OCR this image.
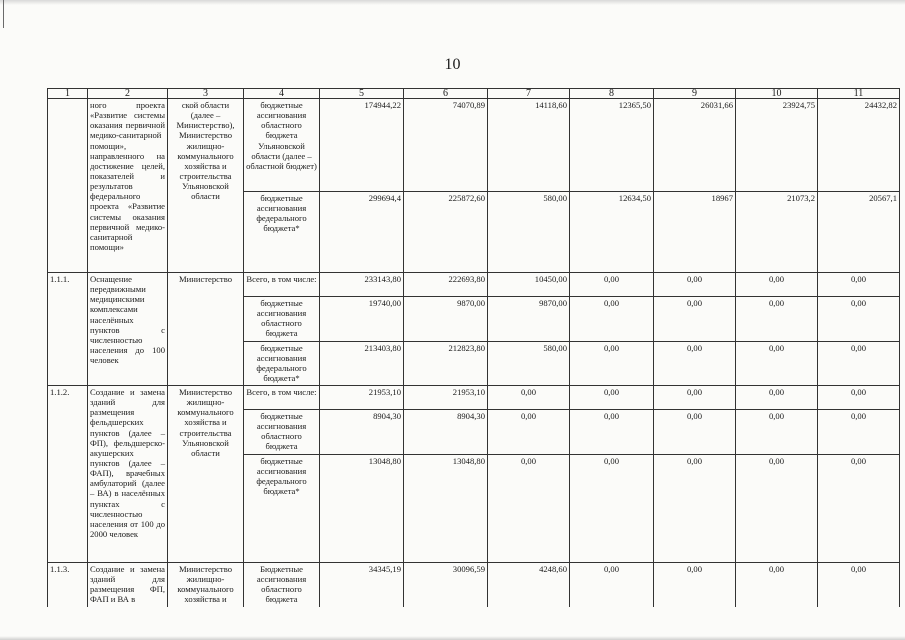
10
1	2	3	4	5	6	7	8	9	10	11
	ного проекта «Развитие системы оказания первичной медико-санитарной помощи», направленного на достижение целей, показателей и результатов федерального проекта «Развитие системы оказания первичной медико-санитарной помощи»	ской области (далее – Министерство), Министерство жилищно-коммунального хозяйства и строительства Ульяновской области	бюджетные ассигнования областного бюджета Ульяновской области (далее – областной бюджет)	174944,22	74070,89	14118,60	12365,50	26031,66	23924,75	24432,82
			бюджетные ассигнования федерального бюджета*	299694,4	225872,60	580,00	12634,50	18967	21073,2	20567,1
1.1.1.	Оснащение передвижными медицинскими комплексами населённых пунктов с численностью населения до 100 человек	Министерство	Всего, в том числе:	233143,80	222693,80	10450,00	0,00	0,00	0,00	0,00
			бюджетные ассигнования областного бюджета	19740,00	9870,00	9870,00	0,00	0,00	0,00	0,00
			бюджетные ассигнования федерального бюджета*	213403,80	212823,80	580,00	0,00	0,00	0,00	0,00
1.1.2.	Создание и замена зданий для размещения фельдшерских пунктов (далее – ФП), фельдшерско-акушерских пунктов (далее – ФАП), врачебных амбулаторий (далее – ВА) в населённых пунктах с численностью населения от 100 до 2000 человек	Министерство жилищно-коммунального хозяйства и строительства Ульяновской области	Всего, в том числе:	21953,10	21953,10	0,00	0,00	0,00	0,00	0,00
			бюджетные ассигнования областного бюджета	8904,30	8904,30	0,00	0,00	0,00	0,00	0,00
			бюджетные ассигнования федерального бюджета*	13048,80	13048,80	0,00	0,00	0,00	0,00	0,00
1.1.3.	Создание и замена зданий для размещения ФП, ФАП и ВА в	Министерство жилищно-коммунального хозяйства и	Бюджетные ассигнования областного бюджета	34345,19	30096,59	4248,60	0,00	0,00	0,00	0,00
